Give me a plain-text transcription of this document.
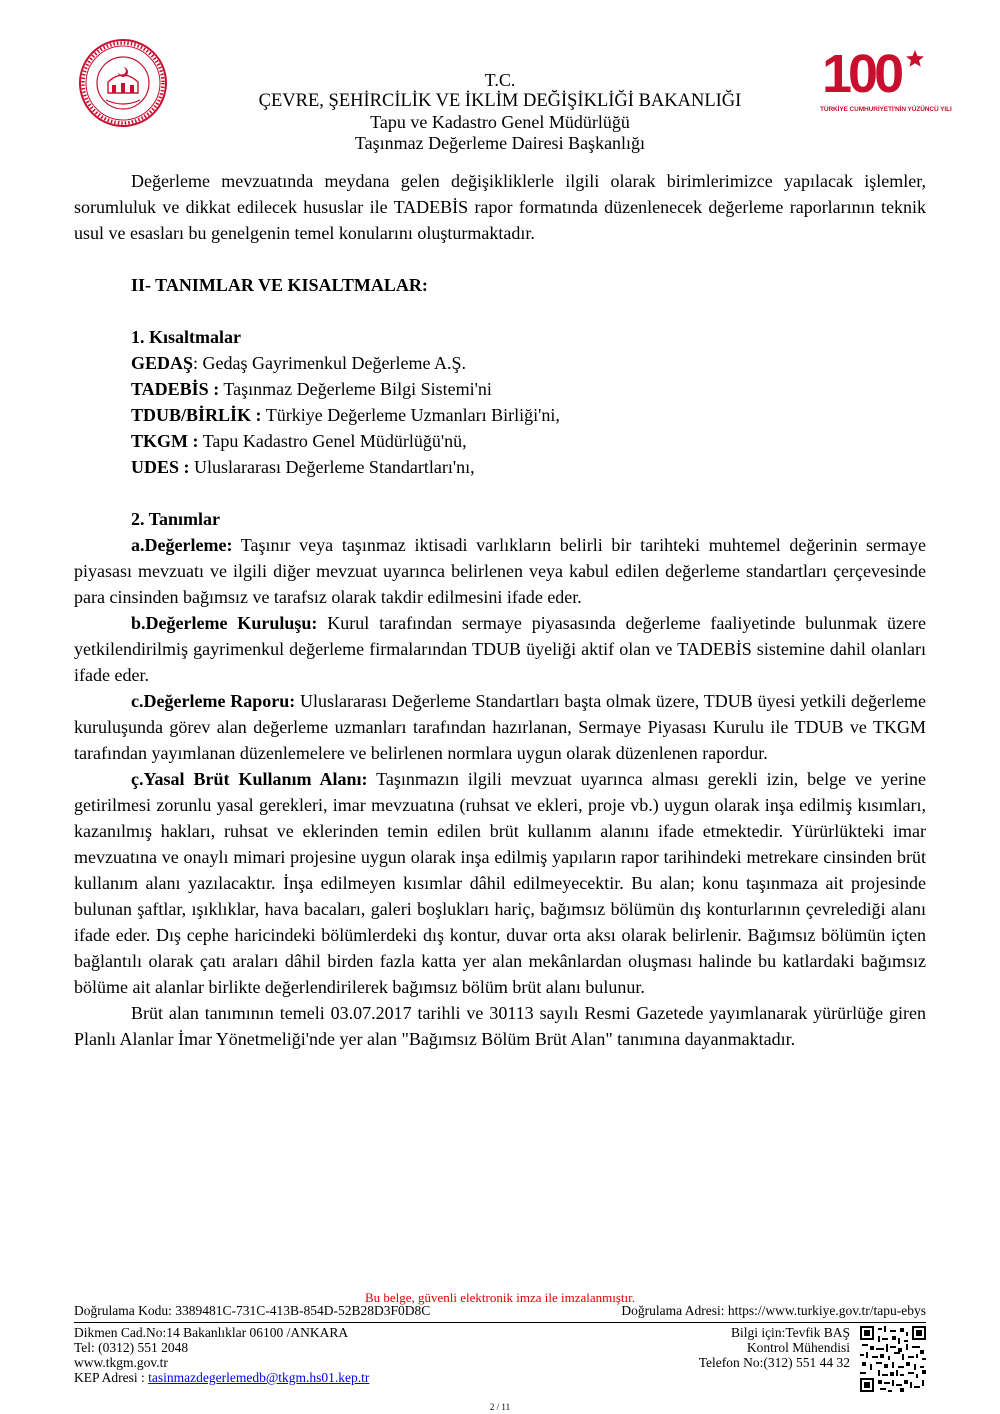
100
TÜRKİYE CUMHURİYETİ'NİN YÜZÜNCÜ YILI
T.C.
ÇEVRE, ŞEHİRCİLİK VE İKLİM DEĞİŞİKLİĞİ BAKANLIĞI
Tapu ve Kadastro Genel Müdürlüğü
Taşınmaz Değerleme Dairesi Başkanlığı

Değerleme mevzuatında meydana gelen değişikliklerle ilgili olarak birimlerimizce yapılacak işlemler, sorumluluk ve dikkat edilecek hususlar ile TADEBİS rapor formatında düzenlenecek değerleme raporlarının teknik usul ve esasları bu genelgenin temel konularını oluşturmaktadır.

II- TANIMLAR VE KISALTMALAR:

1. Kısaltmalar

GEDAŞ: Gedaş Gayrimenkul Değerleme A.Ş.

TADEBİS : Taşınmaz Değerleme Bilgi Sistemi'ni

TDUB/BİRLİK : Türkiye Değerleme Uzmanları Birliği'ni,

TKGM : Tapu Kadastro Genel Müdürlüğü'nü,

UDES : Uluslararası Değerleme Standartları'nı,

2. Tanımlar

a.Değerleme: Taşınır veya taşınmaz iktisadi varlıkların belirli bir tarihteki muhtemel değerinin sermaye piyasası mevzuatı ve ilgili diğer mevzuat uyarınca belirlenen veya kabul edilen değerleme standartları çerçevesinde para cinsinden bağımsız ve tarafsız olarak takdir edilmesini ifade eder.

b.Değerleme Kuruluşu: Kurul tarafından sermaye piyasasında değerleme faaliyetinde bulunmak üzere yetkilendirilmiş gayrimenkul değerleme firmalarından TDUB üyeliği aktif olan ve TADEBİS sistemine dahil olanları ifade eder.

c.Değerleme Raporu: Uluslararası Değerleme Standartları başta olmak üzere, TDUB üyesi yetkili değerleme kuruluşunda görev alan değerleme uzmanları tarafından hazırlanan, Sermaye Piyasası Kurulu ile TDUB ve TKGM tarafından yayımlanan düzenlemelere ve belirlenen normlara uygun olarak düzenlenen rapordur.

ç.Yasal Brüt Kullanım Alanı: Taşınmazın ilgili mevzuat uyarınca alması gerekli izin, belge ve yerine getirilmesi zorunlu yasal gerekleri, imar mevzuatına (ruhsat ve ekleri, proje vb.) uygun olarak inşa edilmiş kısımları, kazanılmış hakları, ruhsat ve eklerinden temin edilen brüt kullanım alanını ifade etmektedir. Yürürlükteki imar mevzuatına ve onaylı mimari projesine uygun olarak inşa edilmiş yapıların rapor tarihindeki metrekare cinsinden brüt kullanım alanı yazılacaktır. İnşa edilmeyen kısımlar dâhil edilmeyecektir. Bu alan; konu taşınmaza ait projesinde bulunan şaftlar, ışıklıklar, hava bacaları, galeri boşlukları hariç, bağımsız bölümün dış konturlarının çevrelediği alanı ifade eder. Dış cephe haricindeki bölümlerdeki dış kontur, duvar orta aksı olarak belirlenir. Bağımsız bölümün içten bağlantılı olarak çatı araları dâhil birden fazla katta yer alan mekânlardan oluşması halinde bu katlardaki bağımsız bölüme ait alanlar birlikte değerlendirilerek bağımsız bölüm brüt alanı bulunur.

Brüt alan tanımının temeli 03.07.2017 tarihli ve 30113 sayılı Resmi Gazetede yayımlanarak yürürlüğe giren Planlı Alanlar İmar Yönetmeliği'nde yer alan "Bağımsız Bölüm Brüt Alan" tanımına dayanmaktadır.

Bu belge, güvenli elektronik imza ile imzalanmıştır.
Doğrulama Kodu: 3389481C-731C-413B-854D-52B28D3F0D8C	Doğrulama Adresi: https://www.turkiye.gov.tr/tapu-ebys
Dikmen Cad.No:14 Bakanlıklar 06100 /ANKARA
Tel: (0312) 551 2048
www.tkgm.gov.tr
KEP Adresi : tasinmazdegerlemedb@tkgm.hs01.kep.tr
Bilgi için:Tevfik BAŞ
Kontrol Mühendisi
Telefon No:(312) 551 44 32
2 / 11
